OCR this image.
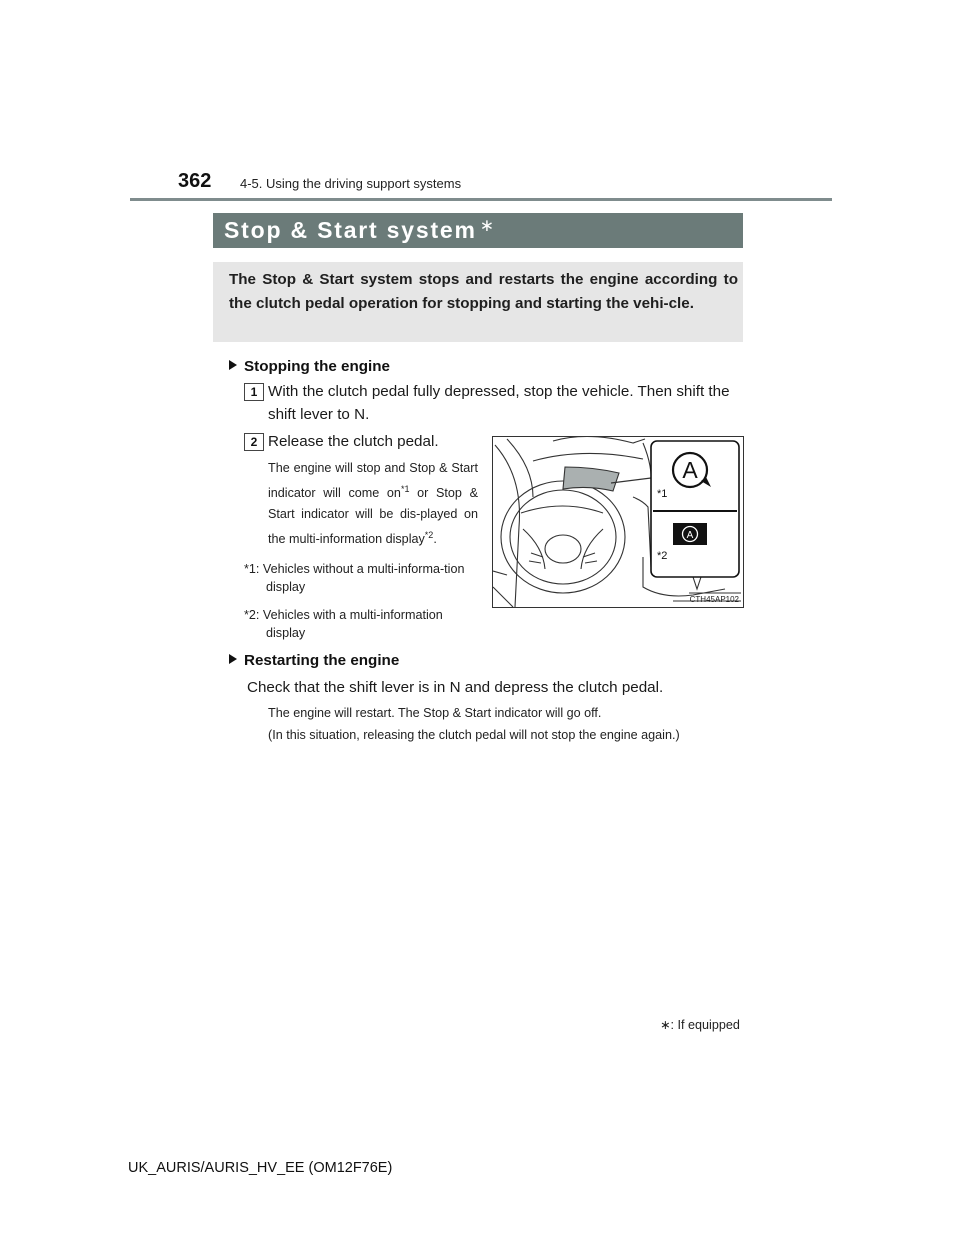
362 4-5. Using the driving support systems
Stop & Start system ∗
The Stop & Start system stops and restarts the engine according to the clutch pedal operation for stopping and starting the vehi-cle.
Stopping the engine
1 With the clutch pedal fully depressed, stop the vehicle. Then shift the shift lever to N.
2 Release the clutch pedal.
The engine will stop and Stop & Start indicator will come $on^{*1}$ or Stop & Start indicator will be dis-played on the multi-information display$^{*2}$.
*1: Vehicles without a multi-informa-tion display
*2: Vehicles with a multi-information display
A
*1
A
*2
CTH45AP102
Restarting the engine
Check that the shift lever is in N and depress the clutch pedal.
The engine will restart. The Stop & Start indicator will go off.
(In this situation, releasing the clutch pedal will not stop the engine again.)
∗: If equipped
UK_AURIS/AURIS_HV_EE (OM12F76E)
